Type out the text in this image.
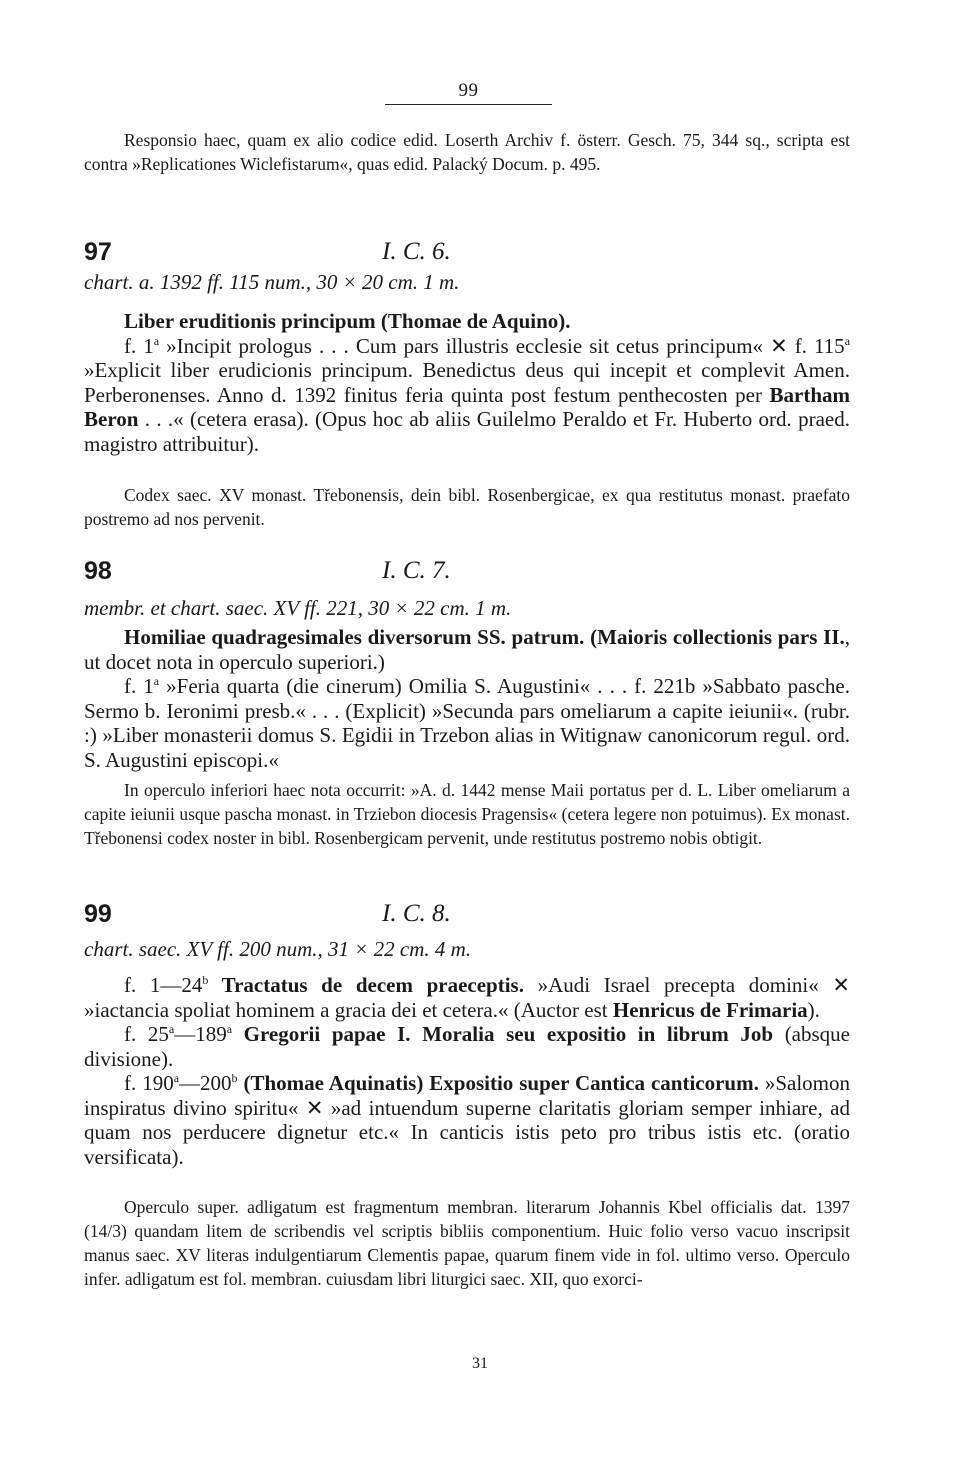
99

Responsio haec, quam ex alio codice edid. Loserth Archiv f. österr. Gesch. 75, 344 sq., scripta est contra »Replicationes Wiclefistarum«, quas edid. Palacký Docum. p. 495.

97	I. C. 6.
chart. a. 1392 ff. 115 num., 30 × 20 cm. 1 m.

Liber eruditionis principum (Thomae de Aquino).

f. 1$^a$ »Incipit prologus . . . Cum pars illustris ecclesie sit cetus principum« ✕ f. 115$^a$ »Explicit liber erudicionis principum. Benedictus deus qui incepit et complevit Amen. Perberonenses. Anno d. 1392 finitus feria quinta post festum penthecosten per Bartham Beron . . .« (cetera erasa). (Opus hoc ab aliis Guilelmo Peraldo et Fr. Huberto ord. praed. magistro attribuitur).

Codex saec. XV monast. Třebonensis, dein bibl. Rosenbergicae, ex qua restitutus monast. praefato postremo ad nos pervenit.

98	I. C. 7.
membr. et chart. saec. XV ff. 221, 30 × 22 cm. 1 m.

Homiliae quadragesimales diversorum SS. patrum. (Maioris collectionis pars II., ut docet nota in operculo superiori.)

f. 1$^a$ »Feria quarta (die cinerum) Omilia S. Augustini« . . . f. 221b »Sabbato pasche. Sermo b. Ieronimi presb.« . . . (Explicit) »Secunda pars omeliarum a capite ieiunii«. (rubr. :) »Liber monasterii domus S. Egidii in Trzebon alias in Witignaw canonicorum regul. ord. S. Augustini episcopi.«

In operculo inferiori haec nota occurrit: »A. d. 1442 mense Maii portatus per d. L. Liber omeliarum a capite ieiunii usque pascha monast. in Trziebon diocesis Pragensis« (cetera legere non potuimus). Ex monast. Třebonensi codex noster in bibl. Rosenbergicam pervenit, unde restitutus postremo nobis obtigit.

99	I. C. 8.
chart. saec. XV ff. 200 num., 31 × 22 cm. 4 m.

f. 1—24$^b$ Tractatus de decem praeceptis. »Audi Israel precepta domini« ✕ »iactancia spoliat hominem a gracia dei et cetera.« (Auctor est Henricus de Frimaria).

f. 25$^a$—189$^a$ Gregorii papae I. Moralia seu expositio in librum Job (absque divisione).

f. 190$^a$—200$^b$ (Thomae Aquinatis) Expositio super Cantica canticorum. »Salomon inspiratus divino spiritu« ✕ »ad intuendum superne claritatis gloriam semper inhiare, ad quam nos perducere dignetur etc.« In canticis istis peto pro tribus istis etc. (oratio versificata).

Operculo super. adligatum est fragmentum membran. literarum Johannis Kbel officialis dat. 1397 (14/3) quandam litem de scribendis vel scriptis bibliis componentium. Huic folio verso vacuo inscripsit manus saec. XV literas indulgentiarum Clementis papae, quarum finem vide in fol. ultimo verso. Operculo infer. adligatum est fol. membran. cuiusdam libri liturgici saec. XII, quo exorci-

31
